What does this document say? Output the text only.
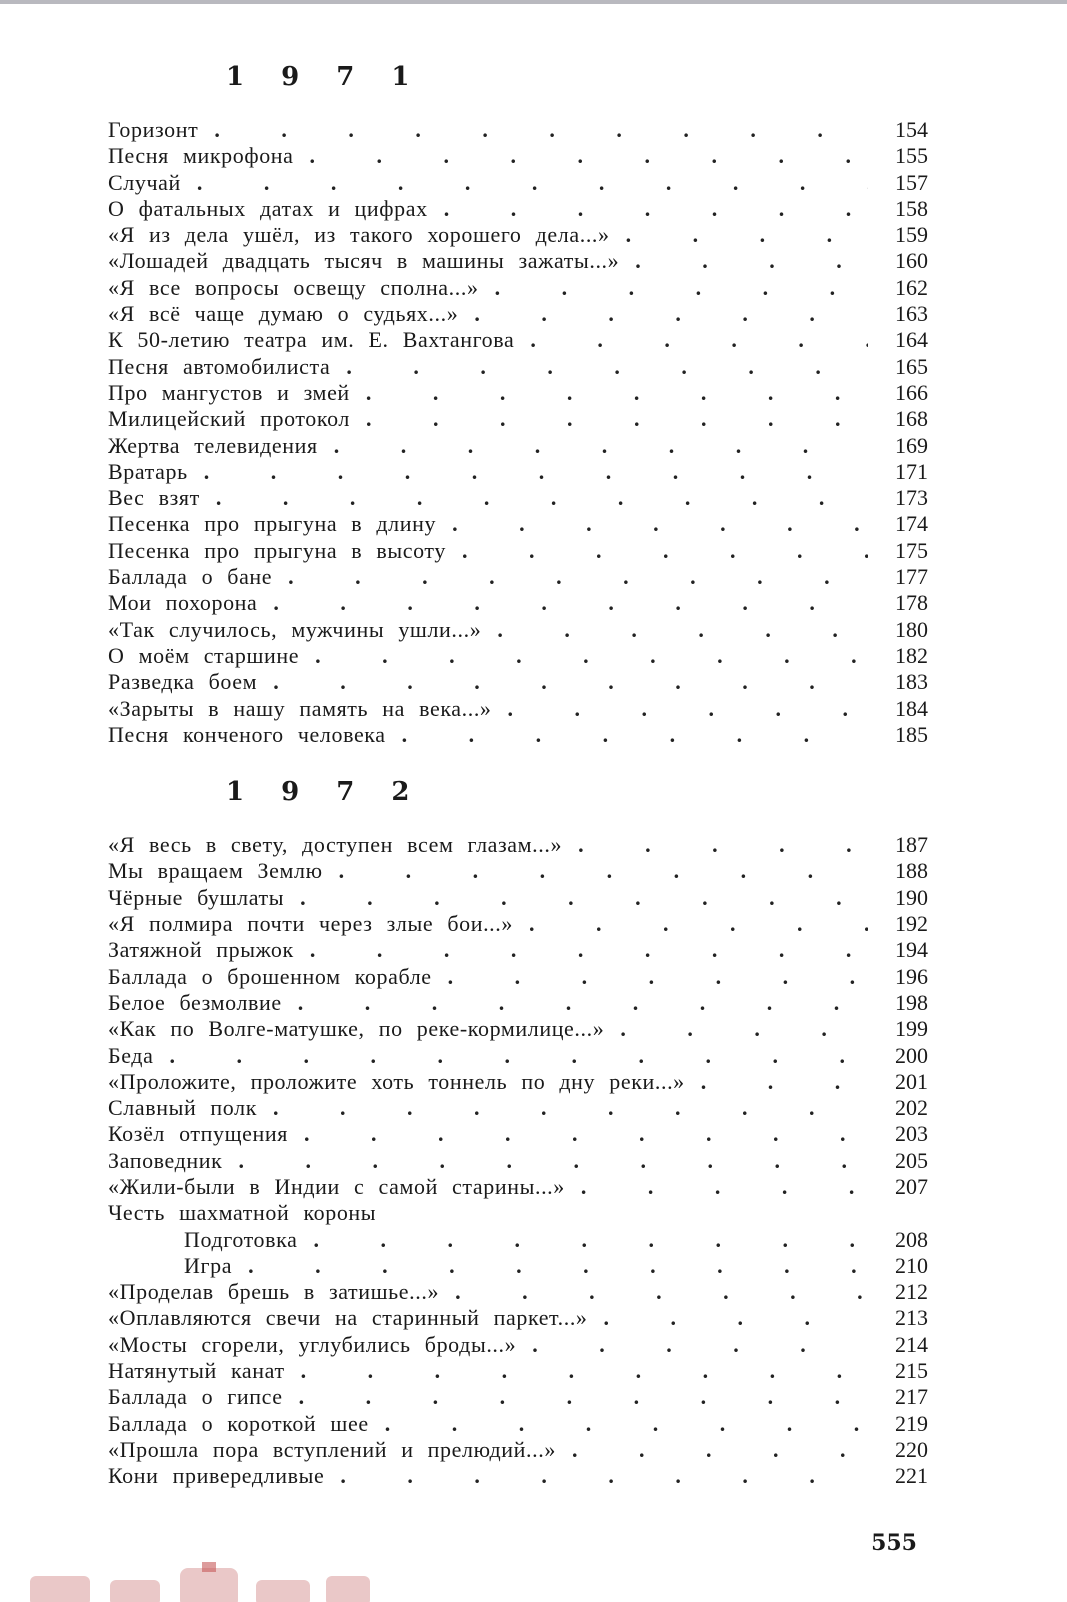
1 9 7 1
Горизонт . . .	154
Песня микрофона . . .	155
Случай . . .	157
О фатальных датах и цифрах . . .	158
«Я из дела ушёл, из такого хорошего дела...» . . .	159
«Лошадей двадцать тысяч в машины зажаты...» . . .	160
«Я все вопросы освещу сполна...» . . .	162
«Я всё чаще думаю о судьях...» . . .	163
К 50-летию театра им. Е. Вахтангова . . .	164
Песня автомобилиста . . .	165
Про мангустов и змей . . .	166
Милицейский протокол . . .	168
Жертва телевидения . . .	169
Вратарь . . .	171
Вес взят . . .	173
Песенка про прыгуна в длину . . .	174
Песенка про прыгуна в высоту . . .	175
Баллада о бане . . .	177
Мои похорона . . .	178
«Так случилось, мужчины ушли...» . . .	180
О моём старшине . . .	182
Разведка боем . . .	183
«Зарыты в нашу память на века...» . . .	184
Песня конченого человека . . .	185
1 9 7 2
«Я весь в свету, доступен всем глазам...» . . .	187
Мы вращаем Землю . . .	188
Чёрные бушлаты . . .	190
«Я полмира почти через злые бои...» . . .	192
Затяжной прыжок . . .	194
Баллада о брошенном корабле . . .	196
Белое безмолвие . . .	198
«Как по Волге-матушке, по реке-кормилице...» . . .	199
Беда . . .	200
«Проложите, проложите хоть тоннель по дну реки...» . . .	201
Славный полк . . .	202
Козёл отпущения . . .	203
Заповедник . . .	205
«Жили-были в Индии с самой старины...» . . .	207
Честь шахматной короны
Подготовка . . .	208
Игра . . .	210
«Проделав брешь в затишье...» . . .	212
«Оплавляются свечи на старинный паркет...» . . .	213
«Мосты сгорели, углубились броды...» . . .	214
Натянутый канат . . .	215
Баллада о гипсе . . .	217
Баллада о короткой шее . . .	219
«Прошла пора вступлений и прелюдий...» . . .	220
Кони привередливые . . .	221
555
